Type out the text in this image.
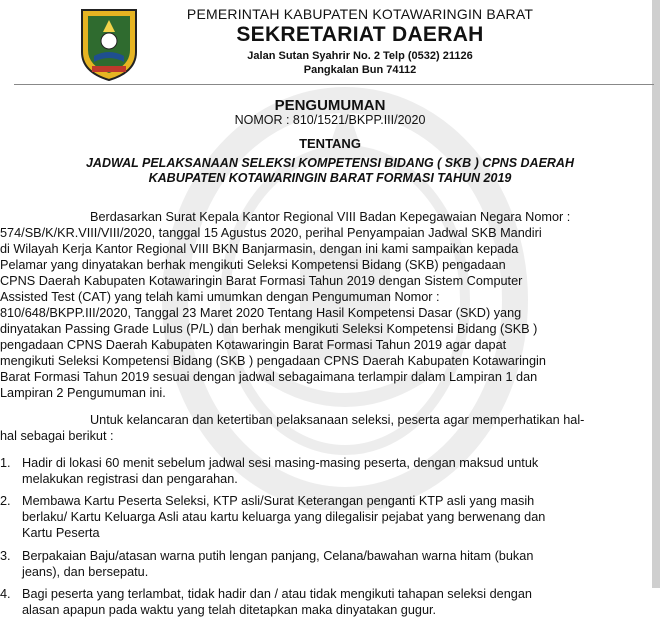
PEMERINTAH KABUPATEN KOTAWARINGIN BARAT
SEKRETARIAT DAERAH
Jalan Sutan Syahrir No. 2 Telp (0532) 21126
Pangkalan Bun 74112
PENGUMUMAN
NOMOR : 810/1521/BKPP.III/2020
TENTANG
JADWAL PELAKSANAAN SELEKSI KOMPETENSI BIDANG ( SKB ) CPNS DAERAH
KABUPATEN KOTAWARINGIN BARAT FORMASI TAHUN 2019
Berdasarkan Surat Kepala Kantor Regional VIII Badan Kepegawaian Negara Nomor :
574/SB/K/KR.VIII/VIII/2020, tanggal 15 Agustus 2020, perihal Penyampaian Jadwal SKB Mandiri
di Wilayah Kerja Kantor Regional VIII BKN Banjarmasin, dengan ini kami sampaikan kepada
Pelamar yang dinyatakan berhak mengikuti Seleksi Kompetensi Bidang (SKB) pengadaan
CPNS Daerah Kabupaten Kotawaringin Barat Formasi Tahun 2019 dengan Sistem Computer
Assisted Test (CAT) yang telah kami umumkan dengan Pengumuman Nomor :
810/648/BKPP.III/2020, Tanggal 23 Maret 2020 Tentang Hasil Kompetensi Dasar (SKD) yang
dinyatakan Passing Grade Lulus (P/L) dan berhak mengikuti Seleksi Kompetensi Bidang (SKB )
pengadaan CPNS Daerah Kabupaten Kotawaringin Barat Formasi Tahun 2019 agar dapat
mengikuti Seleksi Kompetensi Bidang (SKB ) pengadaan CPNS Daerah Kabupaten Kotawaringin
Barat Formasi Tahun 2019 sesuai dengan jadwal sebagaimana terlampir dalam Lampiran 1 dan
Lampiran 2 Pengumuman ini.
Untuk kelancaran dan ketertiban pelaksanaan seleksi, peserta agar memperhatikan hal-
hal sebagai berikut :
1. Hadir di lokasi 60 menit sebelum jadwal sesi masing-masing peserta, dengan maksud untuk
melakukan registrasi dan pengarahan.
2. Membawa Kartu Peserta Seleksi, KTP asli/Surat Keterangan penganti KTP asli yang masih
berlaku/ Kartu Keluarga Asli atau kartu keluarga yang dilegalisir pejabat yang berwenang dan
Kartu Peserta
3. Berpakaian Baju/atasan warna putih lengan panjang, Celana/bawahan warna hitam (bukan
jeans), dan bersepatu.
4. Bagi peserta yang terlambat, tidak hadir dan / atau tidak mengikuti tahapan seleksi dengan
alasan apapun pada waktu yang telah ditetapkan maka dinyatakan gugur.
